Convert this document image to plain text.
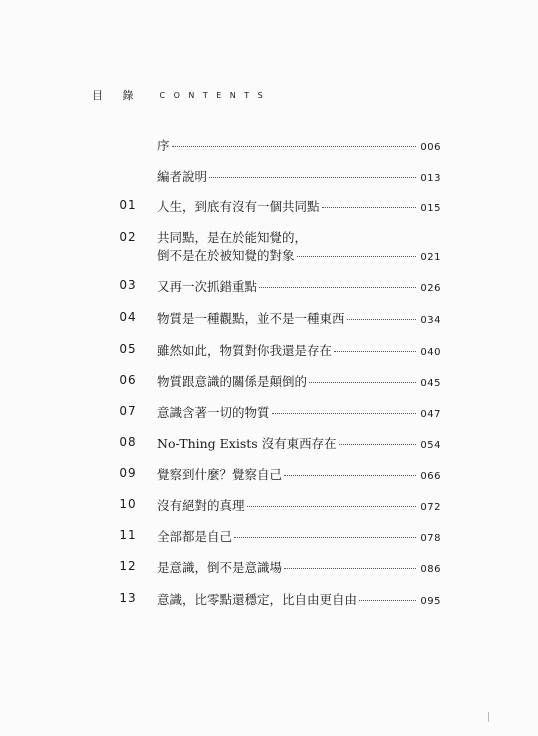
目 錄 CONTENTS
序	006
編者說明	013
01 人生，到底有沒有一個共同點	015
02 共同點，是在於能知覺的，
倒不是在於被知覺的對象	021
03 又再一次抓錯重點	026
04 物質是一種觀點，並不是一種東西	034
05 雖然如此，物質對你我還是存在	040
06 物質跟意識的關係是顛倒的	045
07 意識含著一切的物質	047
08 No-Thing Exists 沒有東西存在	054
09 覺察到什麼？覺察自己	066
10 沒有絕對的真理	072
11 全部都是自己	078
12 是意識，倒不是意識場	086
13 意識，比零點還穩定，比自由更自由	095
